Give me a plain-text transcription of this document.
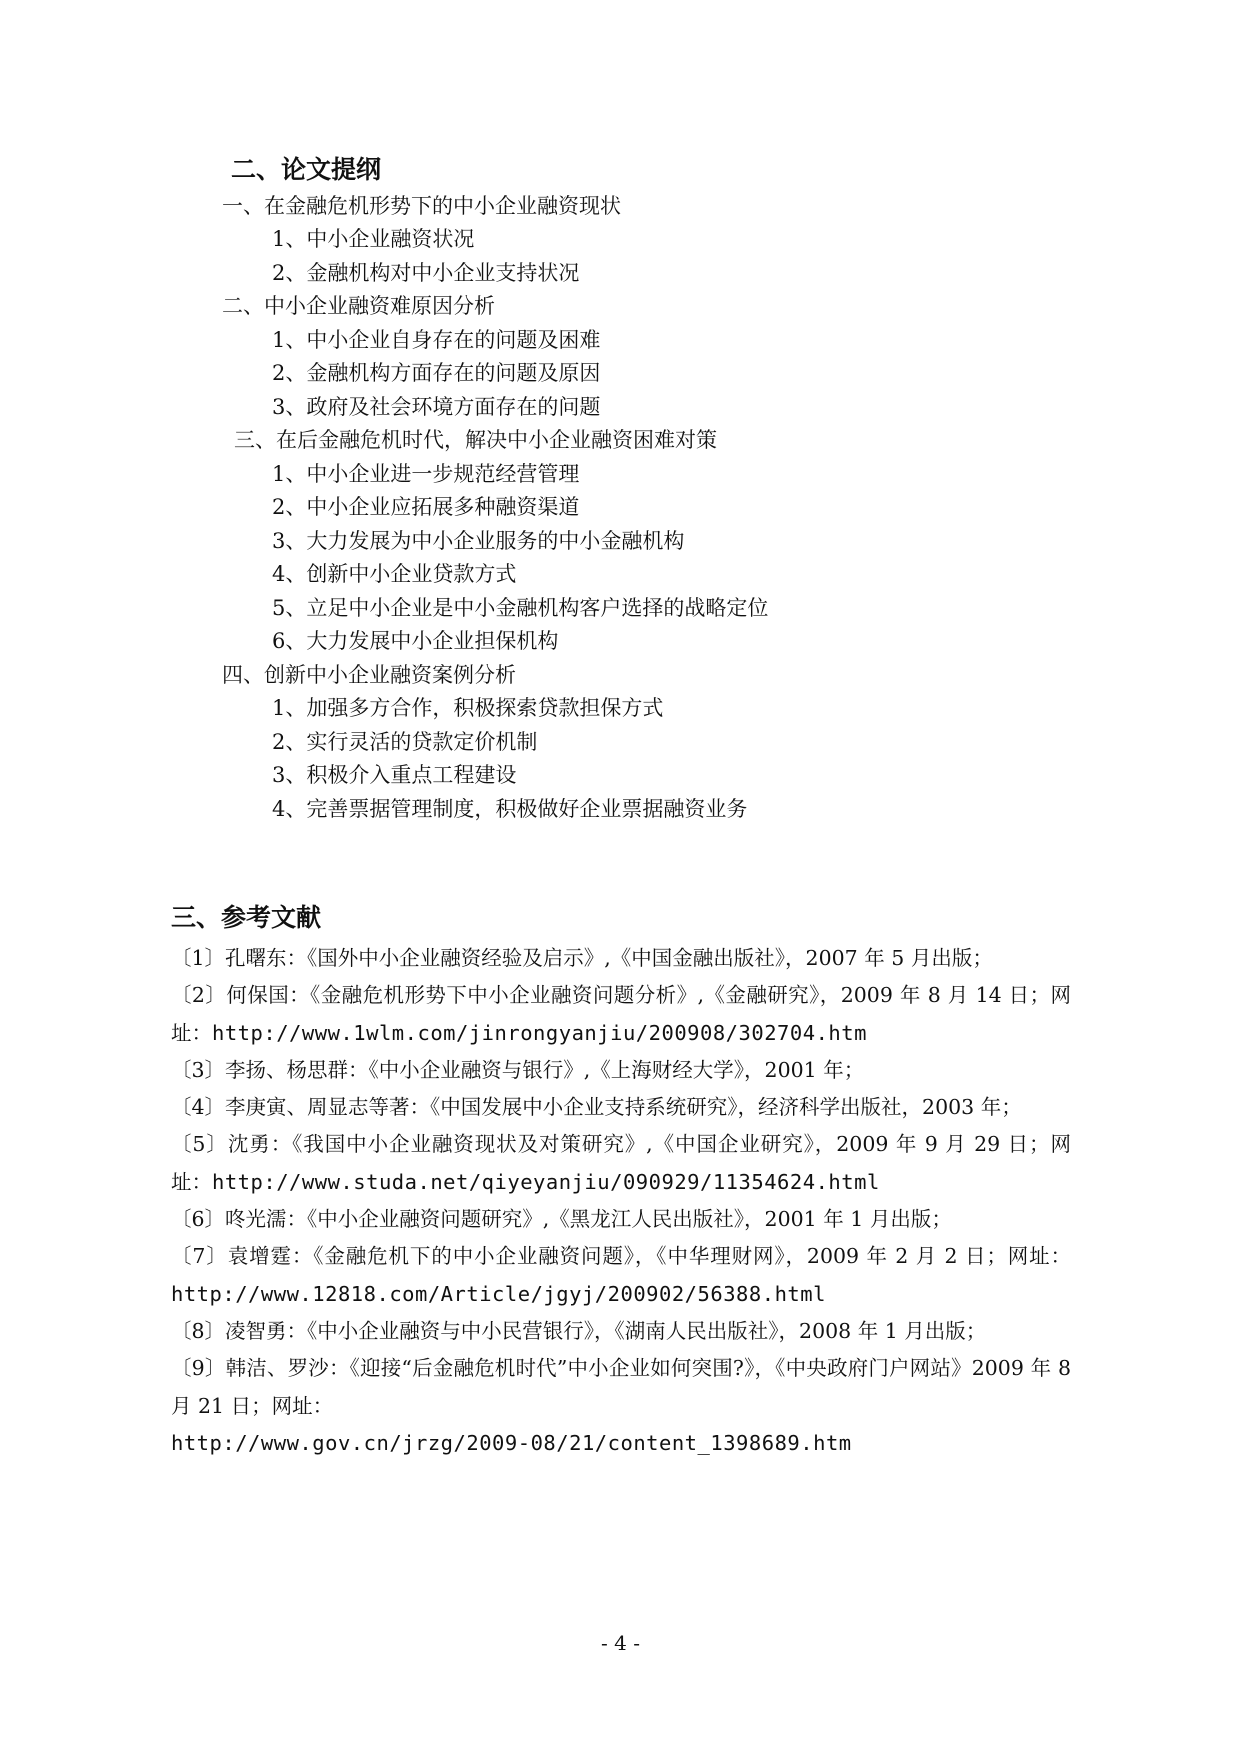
二、论文提纲
一、在金融危机形势下的中小企业融资现状
1、中小企业融资状况
2、金融机构对中小企业支持状况
二、中小企业融资难原因分析
1、中小企业自身存在的问题及困难
2、金融机构方面存在的问题及原因
3、政府及社会环境方面存在的问题
三、在后金融危机时代，解决中小企业融资困难对策
1、中小企业进一步规范经营管理
2、中小企业应拓展多种融资渠道
3、大力发展为中小企业服务的中小金融机构
4、创新中小企业贷款方式
5、立足中小企业是中小金融机构客户选择的战略定位
6、大力发展中小企业担保机构
四、创新中小企业融资案例分析
1、加强多方合作，积极探索贷款担保方式
2、实行灵活的贷款定价机制
3、积极介入重点工程建设
4、完善票据管理制度，积极做好企业票据融资业务
三、参考文献

〔1〕孔曙东：《国外中小企业融资经验及启示》,《中国金融出版社》，2007 年 5 月出版；

〔2〕何保国：《金融危机形势下中小企业融资问题分析》,《金融研究》，2009 年 8 月 14 日；网址：http://www.1wlm.com/jinrongyanjiu/200908/302704.htm

〔3〕李扬、杨思群：《中小企业融资与银行》,《上海财经大学》，2001 年；

〔4〕李庚寅、周显志等著：《中国发展中小企业支持系统研究》，经济科学出版社，2003 年；

〔5〕沈勇：《我国中小企业融资现状及对策研究》,《中国企业研究》，2009 年 9 月 29 日；网址：http://www.studa.net/qiyeyanjiu/090929/11354624.html

〔6〕咚光濡：《中小企业融资问题研究》,《黑龙江人民出版社》，2001 年 1 月出版；

〔7〕袁增霆：《金融危机下的中小企业融资问题》，《中华理财网》，2009 年 2 月 2 日；网址：http://www.12818.com/Article/jgyj/200902/56388.html

〔8〕凌智勇：《中小企业融资与中小民营银行》，《湖南人民出版社》，2008 年 1 月出版；

〔9〕韩洁、罗沙：《迎接“后金融危机时代”中小企业如何突围?》，《中央政府门户网站》2009 年 8 月 21 日；网址：
http://www.gov.cn/jrzg/2009-08/21/content_1398689.htm

- 4 -
